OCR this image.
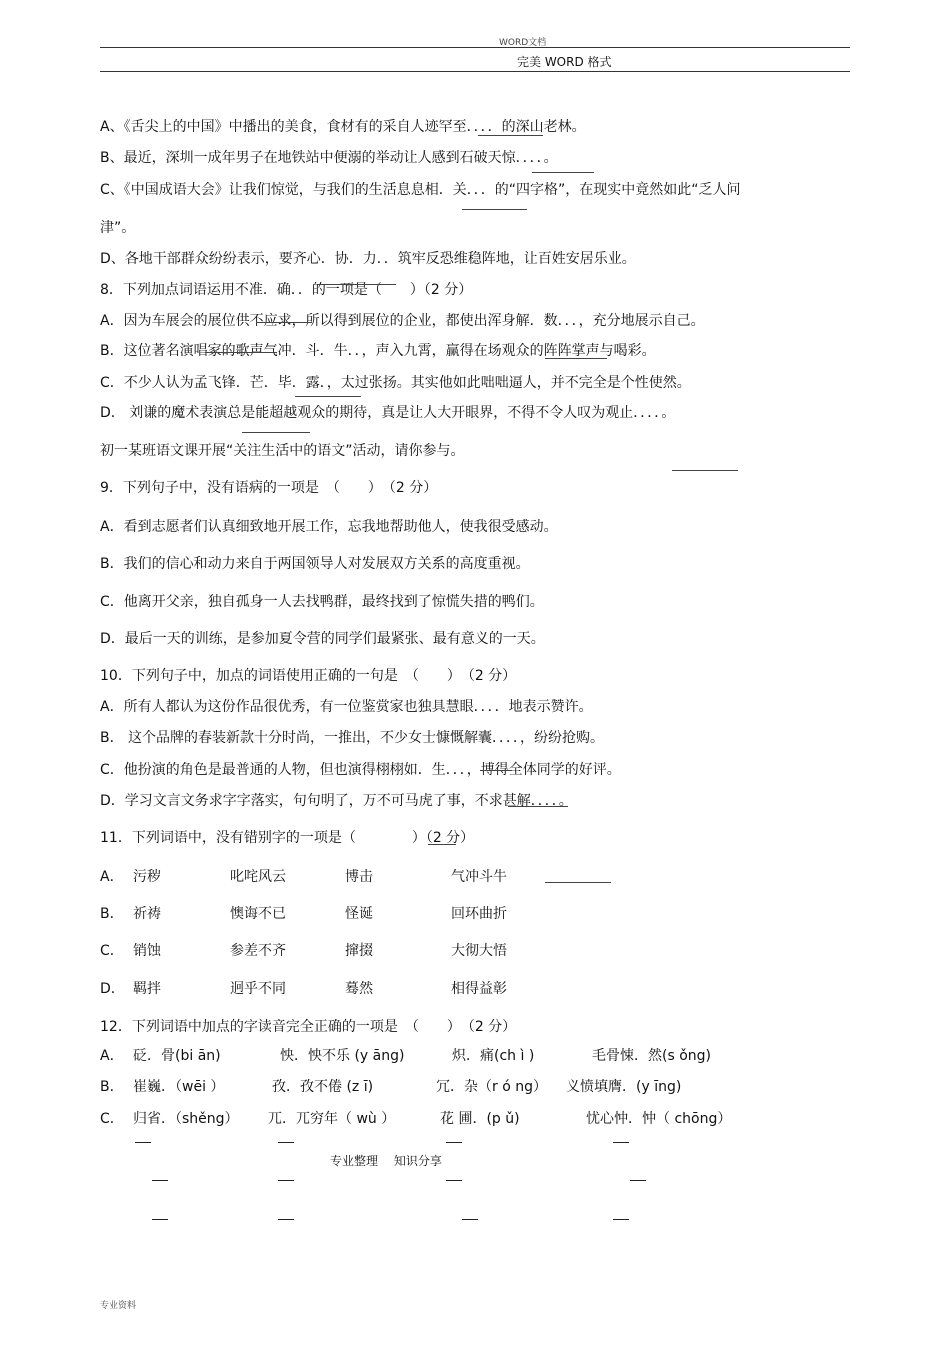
WORD文档
完美 WORD 格式
A、《舌尖上的中国》中播出的美食，食材有的采自人迹罕至．．．．的深山老林。
B、最近，深圳一成年男子在地铁站中便溺的举动让人感到石破天惊．．．．。
C、《中国成语大会》让我们惊觉，与我们的生活息息相．关．．．的“四字格”，在现实中竟然如此“乏人问
津”。
D、各地干部群众纷纷表示，要齐心．协．力．．筑牢反恐维稳阵地，让百姓安居乐业。
8．下列加点词语运用不准．确．．的一项是（　　）（2 分）
A．因为车展会的展位供不应求，所以得到展位的企业，都使出浑身解．数．．．，充分地展示自己。
B．这位著名演唱家的歌声气冲．斗．牛．．，声入九霄，赢得在场观众的阵阵掌声与喝彩。
C．不少人认为孟飞锋．芒．毕．露．，太过张扬。其实他如此咄咄逼人，并不完全是个性使然。
D． 刘谦的魔术表演总是能超越观众的期待，真是让人大开眼界，不得不令人叹为观止．．．．。
初一某班语文课开展“关注生活中的语文”活动，请你参与。
9．下列句子中，没有语病的一项是　（　　）　（2 分）
A．看到志愿者们认真细致地开展工作，忘我地帮助他人，使我很受感动。
B．我们的信心和动力来自于两国领导人对发展双方关系的高度重视。
C．他离开父亲，独自孤身一人去找鸭群，最终找到了惊慌失措的鸭们。
D．最后一天的训练，是参加夏令营的同学们最紧张、最有意义的一天。
10．下列句子中，加点的词语使用正确的一句是　（　　）　（2 分）
A．所有人都认为这份作品很优秀，有一位鉴赏家也独具慧眼．．．．地表示赞许。
B． 这个品牌的春装新款十分时尚，一推出，不少女士慷慨解囊．．．．，纷纷抢购。
C．他扮演的角色是最普通的人物，但也演得栩栩如．生．．．，博得全体同学的好评。
D．学习文言文务求字字落实，句句明了，万不可马虎了事，不求甚解．．．．。
11．下列词语中，没有错别字的一项是（　　　　）（2 分）
A． 污秽	叱咤风云	博击	气冲斗牛
B． 祈祷	懊诲不已	怪诞	回环曲折
C． 销蚀	参差不齐	撺掇	大彻大悟
D． 羁拌	迥乎不同	蓦然	相得益彰
12．下列词语中加点的字读音完全正确的一项是　（　　）　（2 分）
A． 砭．骨(bi ān)	怏．怏不乐 (y āng)	炽．痛(ch ì )	毛骨悚．然(s ǒng)
B． 崔巍．（wēi ）	孜．孜不倦 (z ī)	冗．杂（r ó ng） 义愤填膺．(y īng)
C． 归省．（shěng） 兀．兀穷年（ wù ）	花 圃．(p ǔ)	忧心忡．忡（ chōng）
专业整理　 知识分享
专业资料
